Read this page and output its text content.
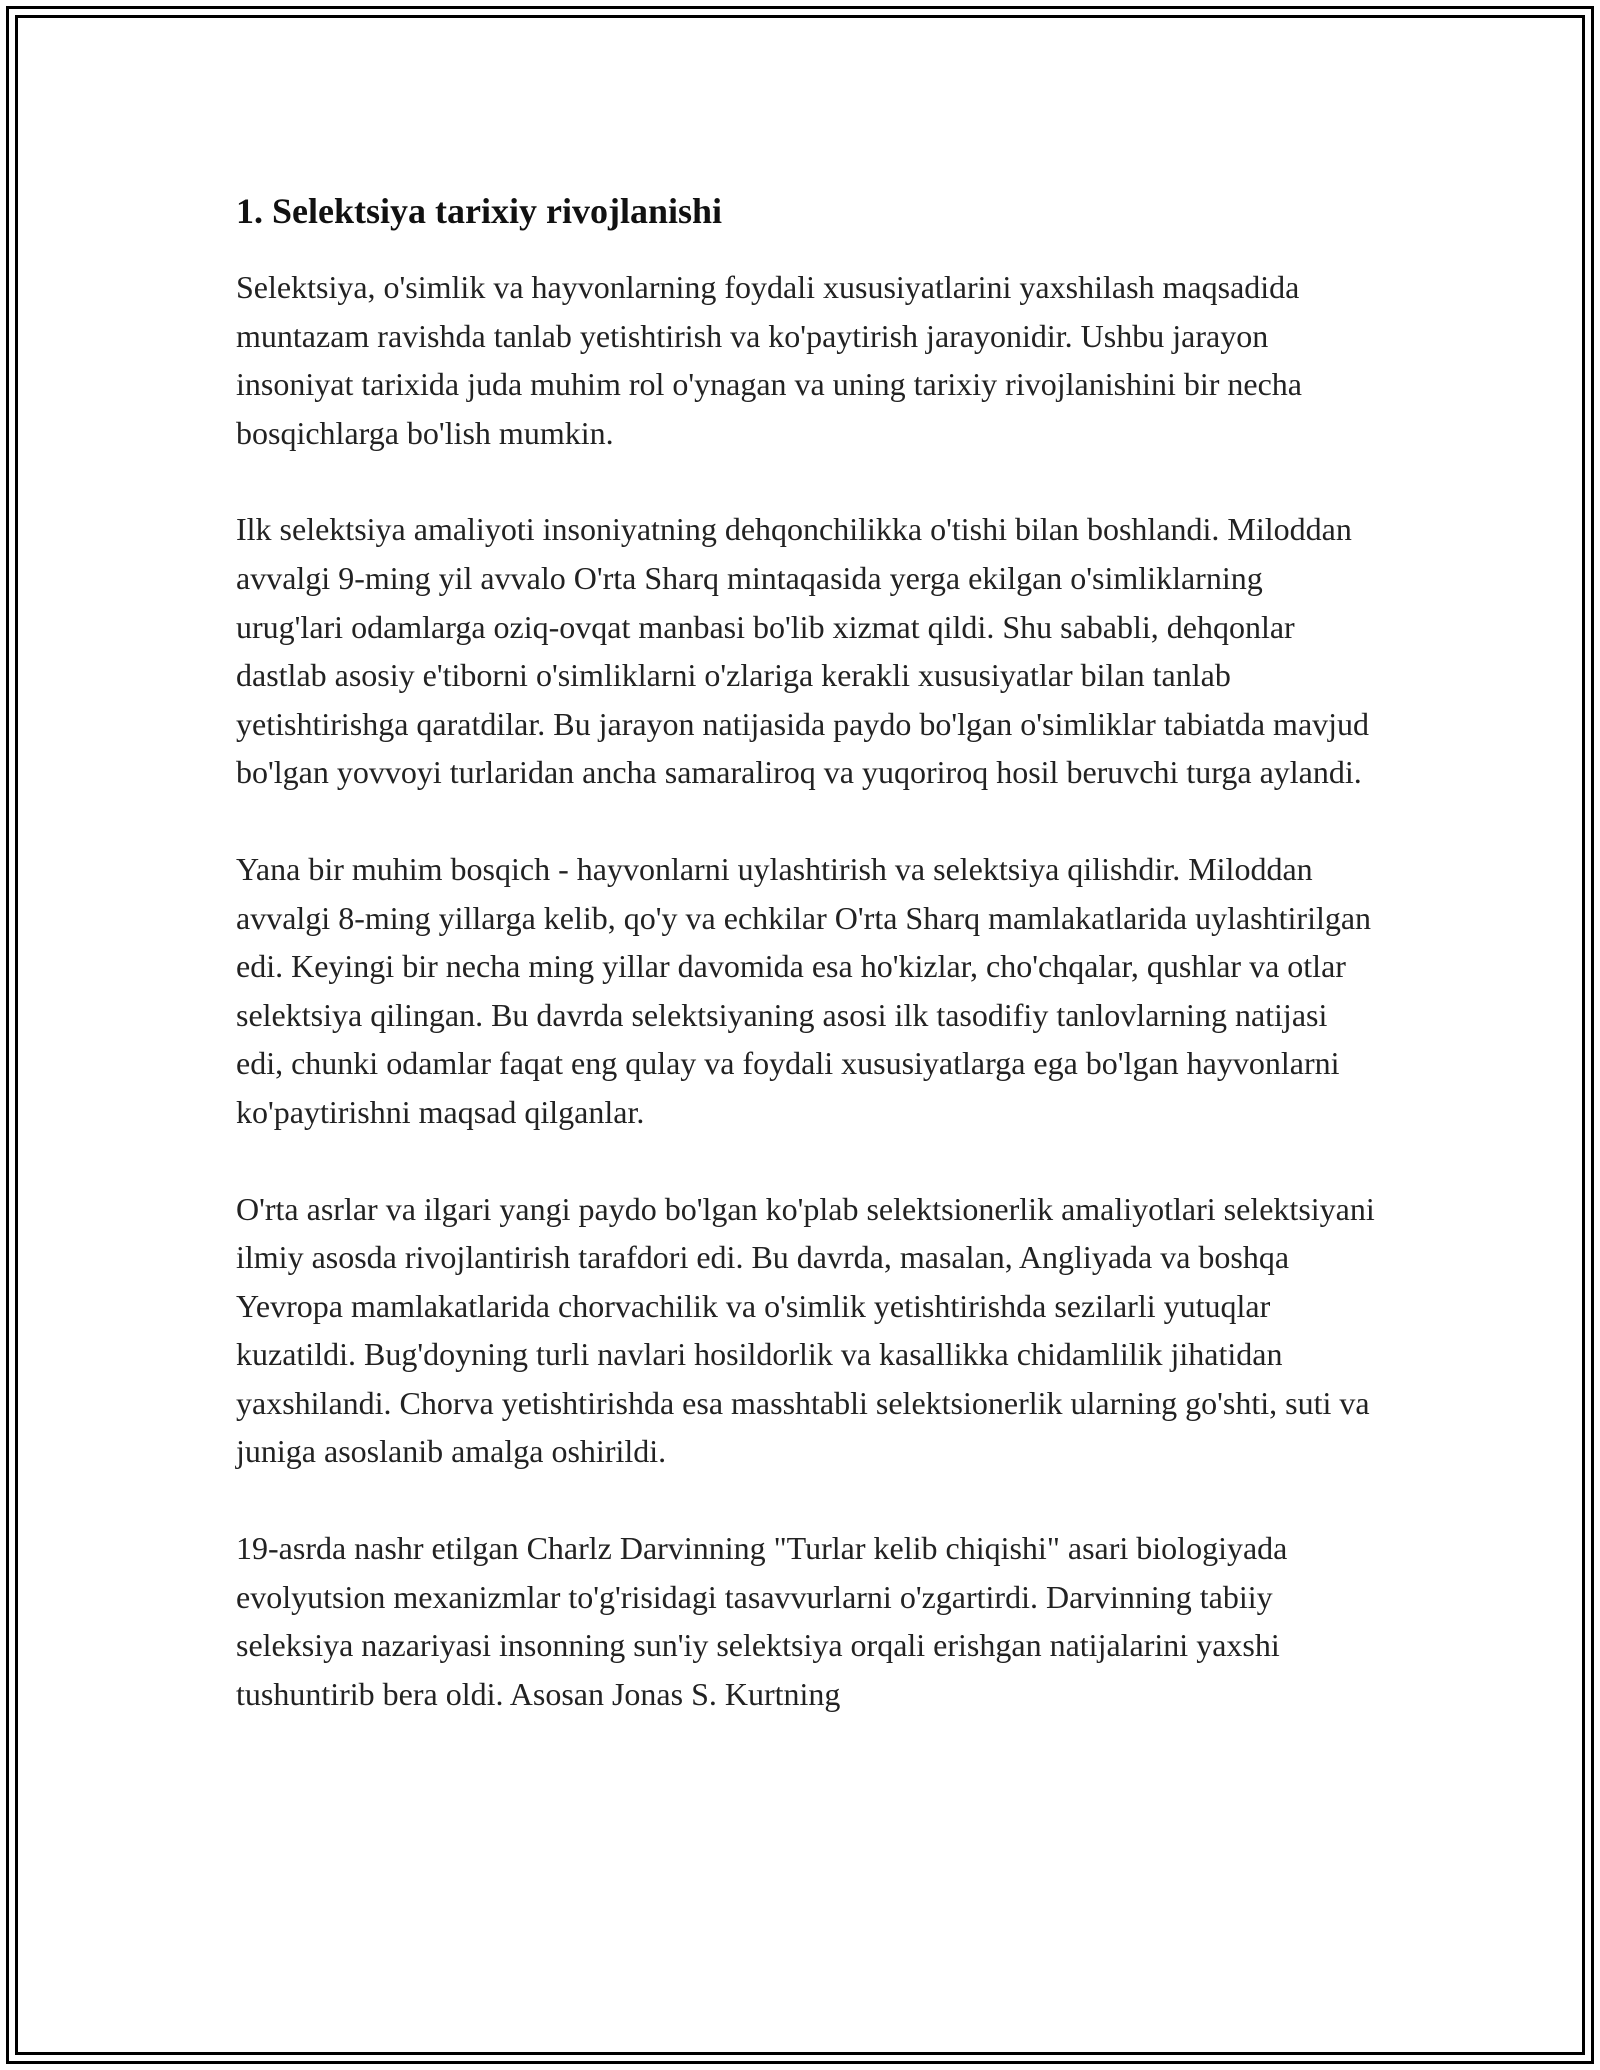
1. Selektsiya tarixiy rivojlanishi

Selektsiya, o'simlik va hayvonlarning foydali xususiyatlarini yaxshilash maqsadida muntazam ravishda tanlab yetishtirish va ko'paytirish jarayonidir. Ushbu jarayon insoniyat tarixida juda muhim rol o'ynagan va uning tarixiy rivojlanishini bir necha bosqichlarga bo'lish mumkin.

Ilk selektsiya amaliyoti insoniyatning dehqonchilikka o'tishi bilan boshlandi. Miloddan avvalgi 9-ming yil avvalo O'rta Sharq mintaqasida yerga ekilgan o'simliklarning urug'lari odamlarga oziq-ovqat manbasi bo'lib xizmat qildi. Shu sababli, dehqonlar dastlab asosiy e'tiborni o'simliklarni o'zlariga kerakli xususiyatlar bilan tanlab yetishtirishga qaratdilar. Bu jarayon natijasida paydo bo'lgan o'simliklar tabiatda mavjud bo'lgan yovvoyi turlaridan ancha samaraliroq va yuqoriroq hosil beruvchi turga aylandi.

Yana bir muhim bosqich - hayvonlarni uylashtirish va selektsiya qilishdir. Miloddan avvalgi 8-ming yillarga kelib, qo'y va echkilar O'rta Sharq mamlakatlarida uylashtirilgan edi. Keyingi bir necha ming yillar davomida esa ho'kizlar, cho'chqalar, qushlar va otlar selektsiya qilingan. Bu davrda selektsiyaning asosi ilk tasodifiy tanlovlarning natijasi edi, chunki odamlar faqat eng qulay va foydali xususiyatlarga ega bo'lgan hayvonlarni ko'paytirishni maqsad qilganlar.

O'rta asrlar va ilgari yangi paydo bo'lgan ko'plab selektsionerlik amaliyotlari selektsiyani ilmiy asosda rivojlantirish tarafdori edi. Bu davrda, masalan, Angliyada va boshqa Yevropa mamlakatlarida chorvachilik va o'simlik yetishtirishda sezilarli yutuqlar kuzatildi. Bug'doyning turli navlari hosildorlik va kasallikka chidamlilik jihatidan yaxshilandi. Chorva yetishtirishda esa masshtabli selektsionerlik ularning go'shti, suti va juniga asoslanib amalga oshirildi.

19-asrda nashr etilgan Charlz Darvinning "Turlar kelib chiqishi" asari biologiyada evolyutsion mexanizmlar to'g'risidagi tasavvurlarni o'zgartirdi. Darvinning tabiiy seleksiya nazariyasi insonning sun'iy selektsiya orqali erishgan natijalarini yaxshi tushuntirib bera oldi. Asosan Jonas S. Kurtning
